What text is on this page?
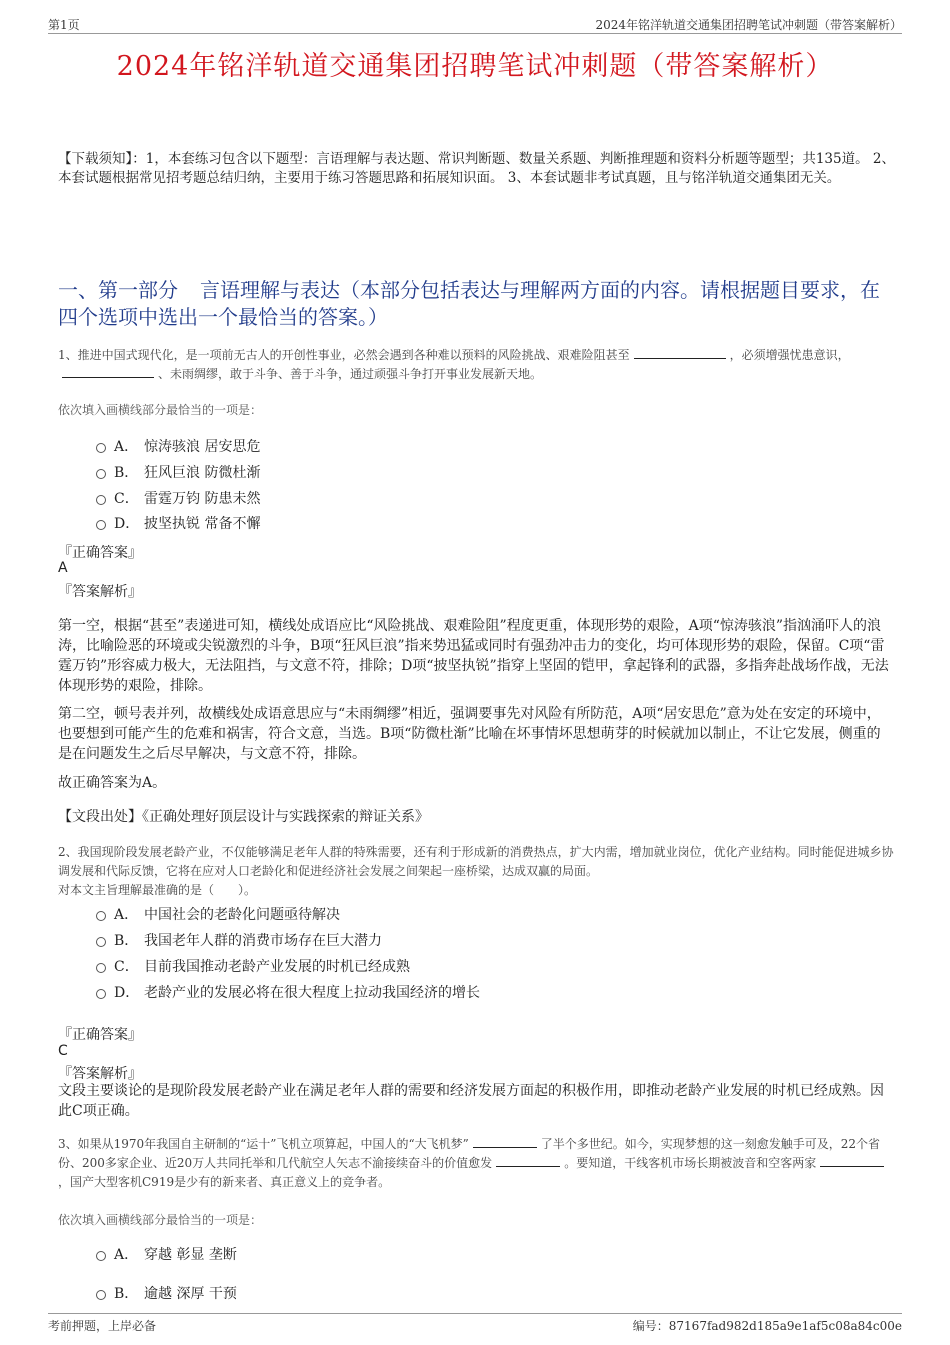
第1页	2024年铭洋轨道交通集团招聘笔试冲刺题（带答案解析）
2024年铭洋轨道交通集团招聘笔试冲刺题（带答案解析）
【下载须知】：1，本套练习包含以下题型：言语理解与表达题、常识判断题、数量关系题、判断推理题和资料分析题等题型；共135道。 2、本套试题根据常见招考题总结归纳，主要用于练习答题思路和拓展知识面。 3、本套试题非考试真题，且与铭洋轨道交通集团无关。
一、第一部分 言语理解与表达（本部分包括表达与理解两方面的内容。请根据题目要求，在四个选项中选出一个最恰当的答案。）
1、推进中国式现代化，是一项前无古人的开创性事业，必然会遇到各种难以预料的风险挑战、艰难险阻甚至	，必须增强忧患意识，、未雨绸缪，敢于斗争、善于斗争，通过顽强斗争打开事业发展新天地。
依次填入画横线部分最恰当的一项是：
A． 惊涛骇浪 居安思危
B． 狂风巨浪 防微杜渐
C． 雷霆万钧 防患未然
D． 披坚执锐 常备不懈
『正确答案』
A
『答案解析』
第一空，根据“甚至”表递进可知，横线处成语应比“风险挑战、艰难险阻”程度更重，体现形势的艰险，A项“惊涛骇浪”指汹涌吓人的浪涛，比喻险恶的环境或尖锐激烈的斗争，B项“狂风巨浪”指来势迅猛或同时有强劲冲击力的变化，均可体现形势的艰险，保留。C项“雷霆万钧”形容威力极大，无法阻挡，与文意不符，排除；D项“披坚执锐”指穿上坚固的铠甲，拿起锋利的武器，多指奔赴战场作战，无法体现形势的艰险，排除。
第二空，顿号表并列，故横线处成语意思应与“未雨绸缪”相近，强调要事先对风险有所防范，A项“居安思危”意为处在安定的环境中，也要想到可能产生的危难和祸害，符合文意，当选。B项“防微杜渐”比喻在坏事情坏思想萌芽的时候就加以制止，不让它发展，侧重的是在问题发生之后尽早解决，与文意不符，排除。
故正确答案为A。
【文段出处】《正确处理好顶层设计与实践探索的辩证关系》
2、我国现阶段发展老龄产业，不仅能够满足老年人群的特殊需要，还有利于形成新的消费热点，扩大内需，增加就业岗位，优化产业结构。同时能促进城乡协调发展和代际反馈，它将在应对人口老龄化和促进经济社会发展之间架起一座桥梁，达成双赢的局面。
对本文主旨理解最准确的是（　　）。
A． 中国社会的老龄化问题亟待解决
B． 我国老年人群的消费市场存在巨大潜力
C． 目前我国推动老龄产业发展的时机已经成熟
D． 老龄产业的发展必将在很大程度上拉动我国经济的增长
『正确答案』
C
『答案解析』
文段主要谈论的是现阶段发展老龄产业在满足老年人群的需要和经济发展方面起的积极作用，即推动老龄产业发展的时机已经成熟。因此C项正确。
3、如果从1970年我国自主研制的“运十”飞机立项算起，中国人的“大飞机梦”	了半个多世纪。如今，实现梦想的这一刻愈发触手可及，22个省份、200多家企业、近20万人共同托举和几代航空人矢志不渝接续奋斗的价值愈发	。要知道，干线客机市场长期被波音和空客两家，国产大型客机C919是少有的新来者、真正意义上的竞争者。
依次填入画横线部分最恰当的一项是：
A． 穿越 彰显 垄断
B． 逾越 深厚 干预
考前押题，上岸必备	编号：87167fad982d185a9e1af5c08a84c00e
